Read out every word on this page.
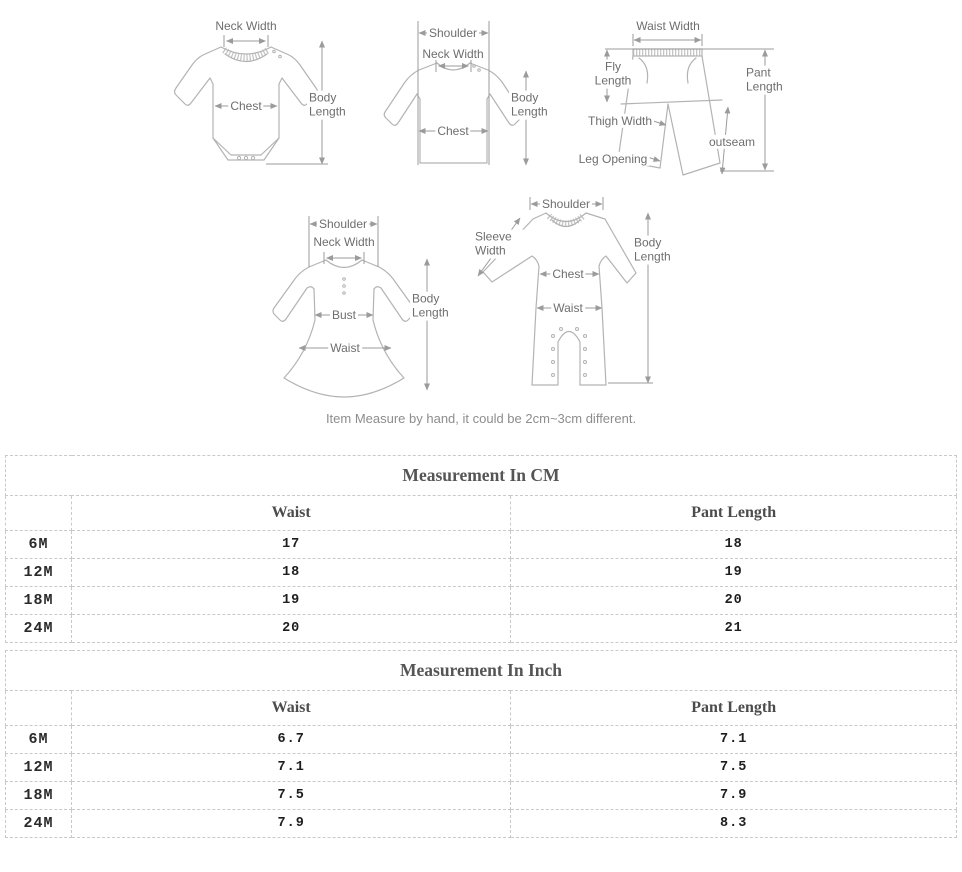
Neck Width
Chest
Body Length
Shoulder
Neck Width
Chest
Body Length
Waist Width
Fly Length
Thigh Width
Leg Opening
outseam
Pant Length
Shoulder
Neck Width
Bust
Waist
Body Length
Shoulder
Sleeve Width
Chest
Waist
Body Length
Item Measure by hand, it could be 2cm~3cm different.
Measurement In CM		
	Waist	Pant Length
6M	17	18
12M	18	19
18M	19	20
24M	20	21
Measurement In Inch		
	Waist	Pant Length
6M	6.7	7.1
12M	7.1	7.5
18M	7.5	7.9
24M	7.9	8.3
